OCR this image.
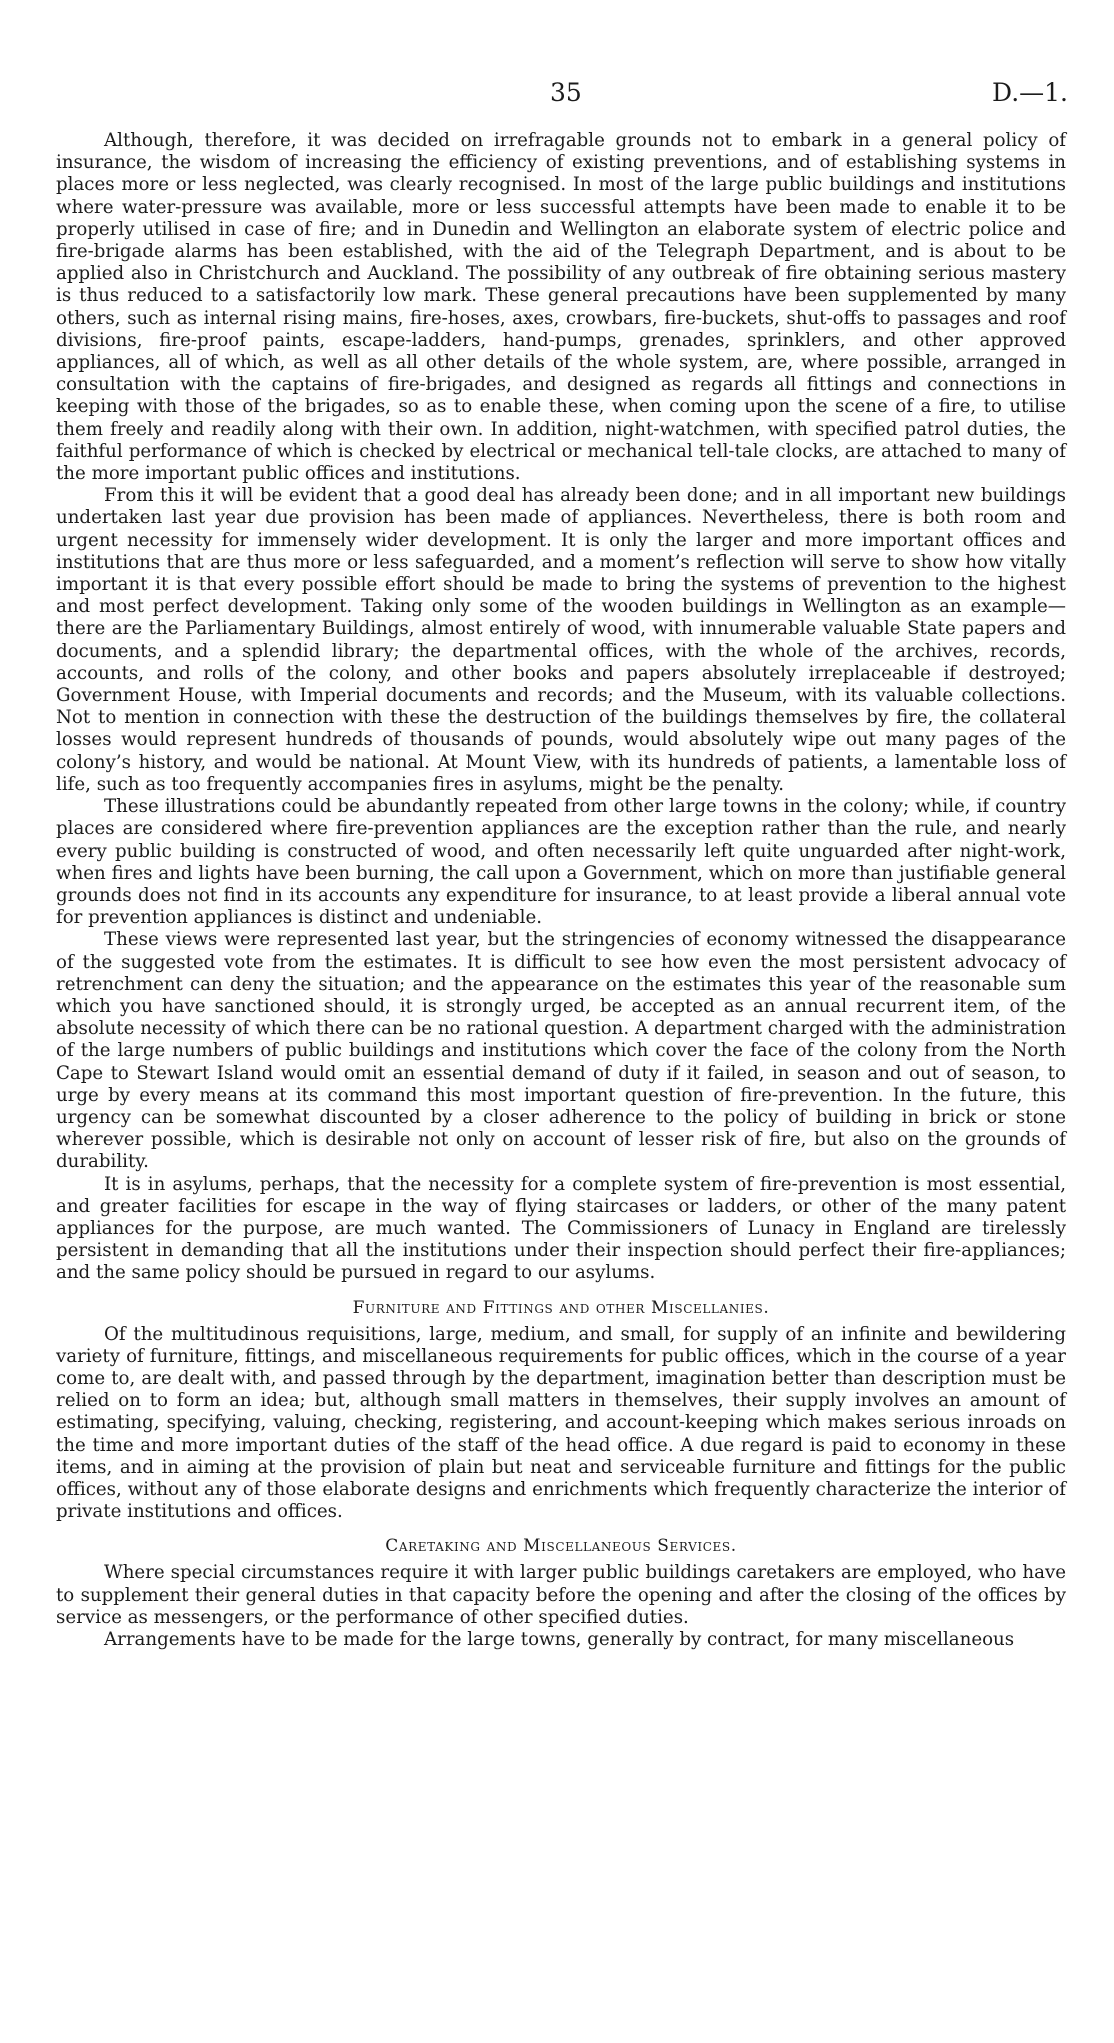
35	D.—1.

Although, therefore, it was decided on irrefragable grounds not to embark in a general policy of insurance, the wisdom of increasing the efficiency of existing preventions, and of establishing systems in places more or less neglected, was clearly recognised. In most of the large public buildings and institutions where water-pressure was available, more or less successful attempts have been made to enable it to be properly utilised in case of fire; and in Dunedin and Wellington an elaborate system of electric police and fire-brigade alarms has been established, with the aid of the Telegraph Department, and is about to be applied also in Christchurch and Auckland. The possibility of any outbreak of fire obtaining serious mastery is thus reduced to a satisfactorily low mark. These general precautions have been supplemented by many others, such as internal rising mains, fire-hoses, axes, crowbars, fire-buckets, shut-offs to passages and roof divisions, fire-proof paints, escape-ladders, hand-pumps, grenades, sprinklers, and other approved appliances, all of which, as well as all other details of the whole system, are, where possible, arranged in consultation with the captains of fire-brigades, and designed as regards all fittings and connections in keeping with those of the brigades, so as to enable these, when coming upon the scene of a fire, to utilise them freely and readily along with their own. In addition, night-watchmen, with specified patrol duties, the faithful performance of which is checked by electrical or mechanical tell-tale clocks, are attached to many of the more important public offices and institutions.

From this it will be evident that a good deal has already been done; and in all important new buildings undertaken last year due provision has been made of appliances. Nevertheless, there is both room and urgent necessity for immensely wider development. It is only the larger and more important offices and institutions that are thus more or less safeguarded, and a moment’s reflection will serve to show how vitally important it is that every possible effort should be made to bring the systems of prevention to the highest and most perfect development. Taking only some of the wooden buildings in Wellington as an example—there are the Parliamentary Buildings, almost entirely of wood, with innumerable valuable State papers and documents, and a splendid library; the departmental offices, with the whole of the archives, records, accounts, and rolls of the colony, and other books and papers absolutely irreplaceable if destroyed; Government House, with Imperial documents and records; and the Museum, with its valuable collections. Not to mention in connection with these the destruction of the buildings themselves by fire, the collateral losses would represent hundreds of thousands of pounds, would absolutely wipe out many pages of the colony’s history, and would be national. At Mount View, with its hundreds of patients, a lamentable loss of life, such as too frequently accompanies fires in asylums, might be the penalty.

These illustrations could be abundantly repeated from other large towns in the colony; while, if country places are considered where fire-prevention appliances are the exception rather than the rule, and nearly every public building is constructed of wood, and often necessarily left quite unguarded after night-work, when fires and lights have been burning, the call upon a Government, which on more than justifiable general grounds does not find in its accounts any expenditure for insurance, to at least provide a liberal annual vote for prevention appliances is distinct and undeniable.

These views were represented last year, but the stringencies of economy witnessed the disappearance of the suggested vote from the estimates. It is difficult to see how even the most persistent advocacy of retrenchment can deny the situation; and the appearance on the estimates this year of the reasonable sum which you have sanctioned should, it is strongly urged, be accepted as an annual recurrent item, of the absolute necessity of which there can be no rational question. A department charged with the administration of the large numbers of public buildings and institutions which cover the face of the colony from the North Cape to Stewart Island would omit an essential demand of duty if it failed, in season and out of season, to urge by every means at its command this most important question of fire-prevention. In the future, this urgency can be somewhat discounted by a closer adherence to the policy of building in brick or stone wherever possible, which is desirable not only on account of lesser risk of fire, but also on the grounds of durability.

It is in asylums, perhaps, that the necessity for a complete system of fire-prevention is most essential, and greater facilities for escape in the way of flying staircases or ladders, or other of the many patent appliances for the purpose, are much wanted. The Commissioners of Lunacy in England are tirelessly persistent in demanding that all the institutions under their inspection should perfect their fire-appliances; and the same policy should be pursued in regard to our asylums.

Furniture and Fittings and other Miscellanies.

Of the multitudinous requisitions, large, medium, and small, for supply of an infinite and bewildering variety of furniture, fittings, and miscellaneous requirements for public offices, which in the course of a year come to, are dealt with, and passed through by the department, imagination better than description must be relied on to form an idea; but, although small matters in themselves, their supply involves an amount of estimating, specifying, valuing, checking, registering, and account-keeping which makes serious inroads on the time and more important duties of the staff of the head office. A due regard is paid to economy in these items, and in aiming at the provision of plain but neat and serviceable furniture and fittings for the public offices, without any of those elaborate designs and enrichments which frequently characterize the interior of private institutions and offices.

Caretaking and Miscellaneous Services.

Where special circumstances require it with larger public buildings caretakers are employed, who have to supplement their general duties in that capacity before the opening and after the closing of the offices by service as messengers, or the performance of other specified duties.

Arrangements have to be made for the large towns, generally by contract, for many miscellaneous
